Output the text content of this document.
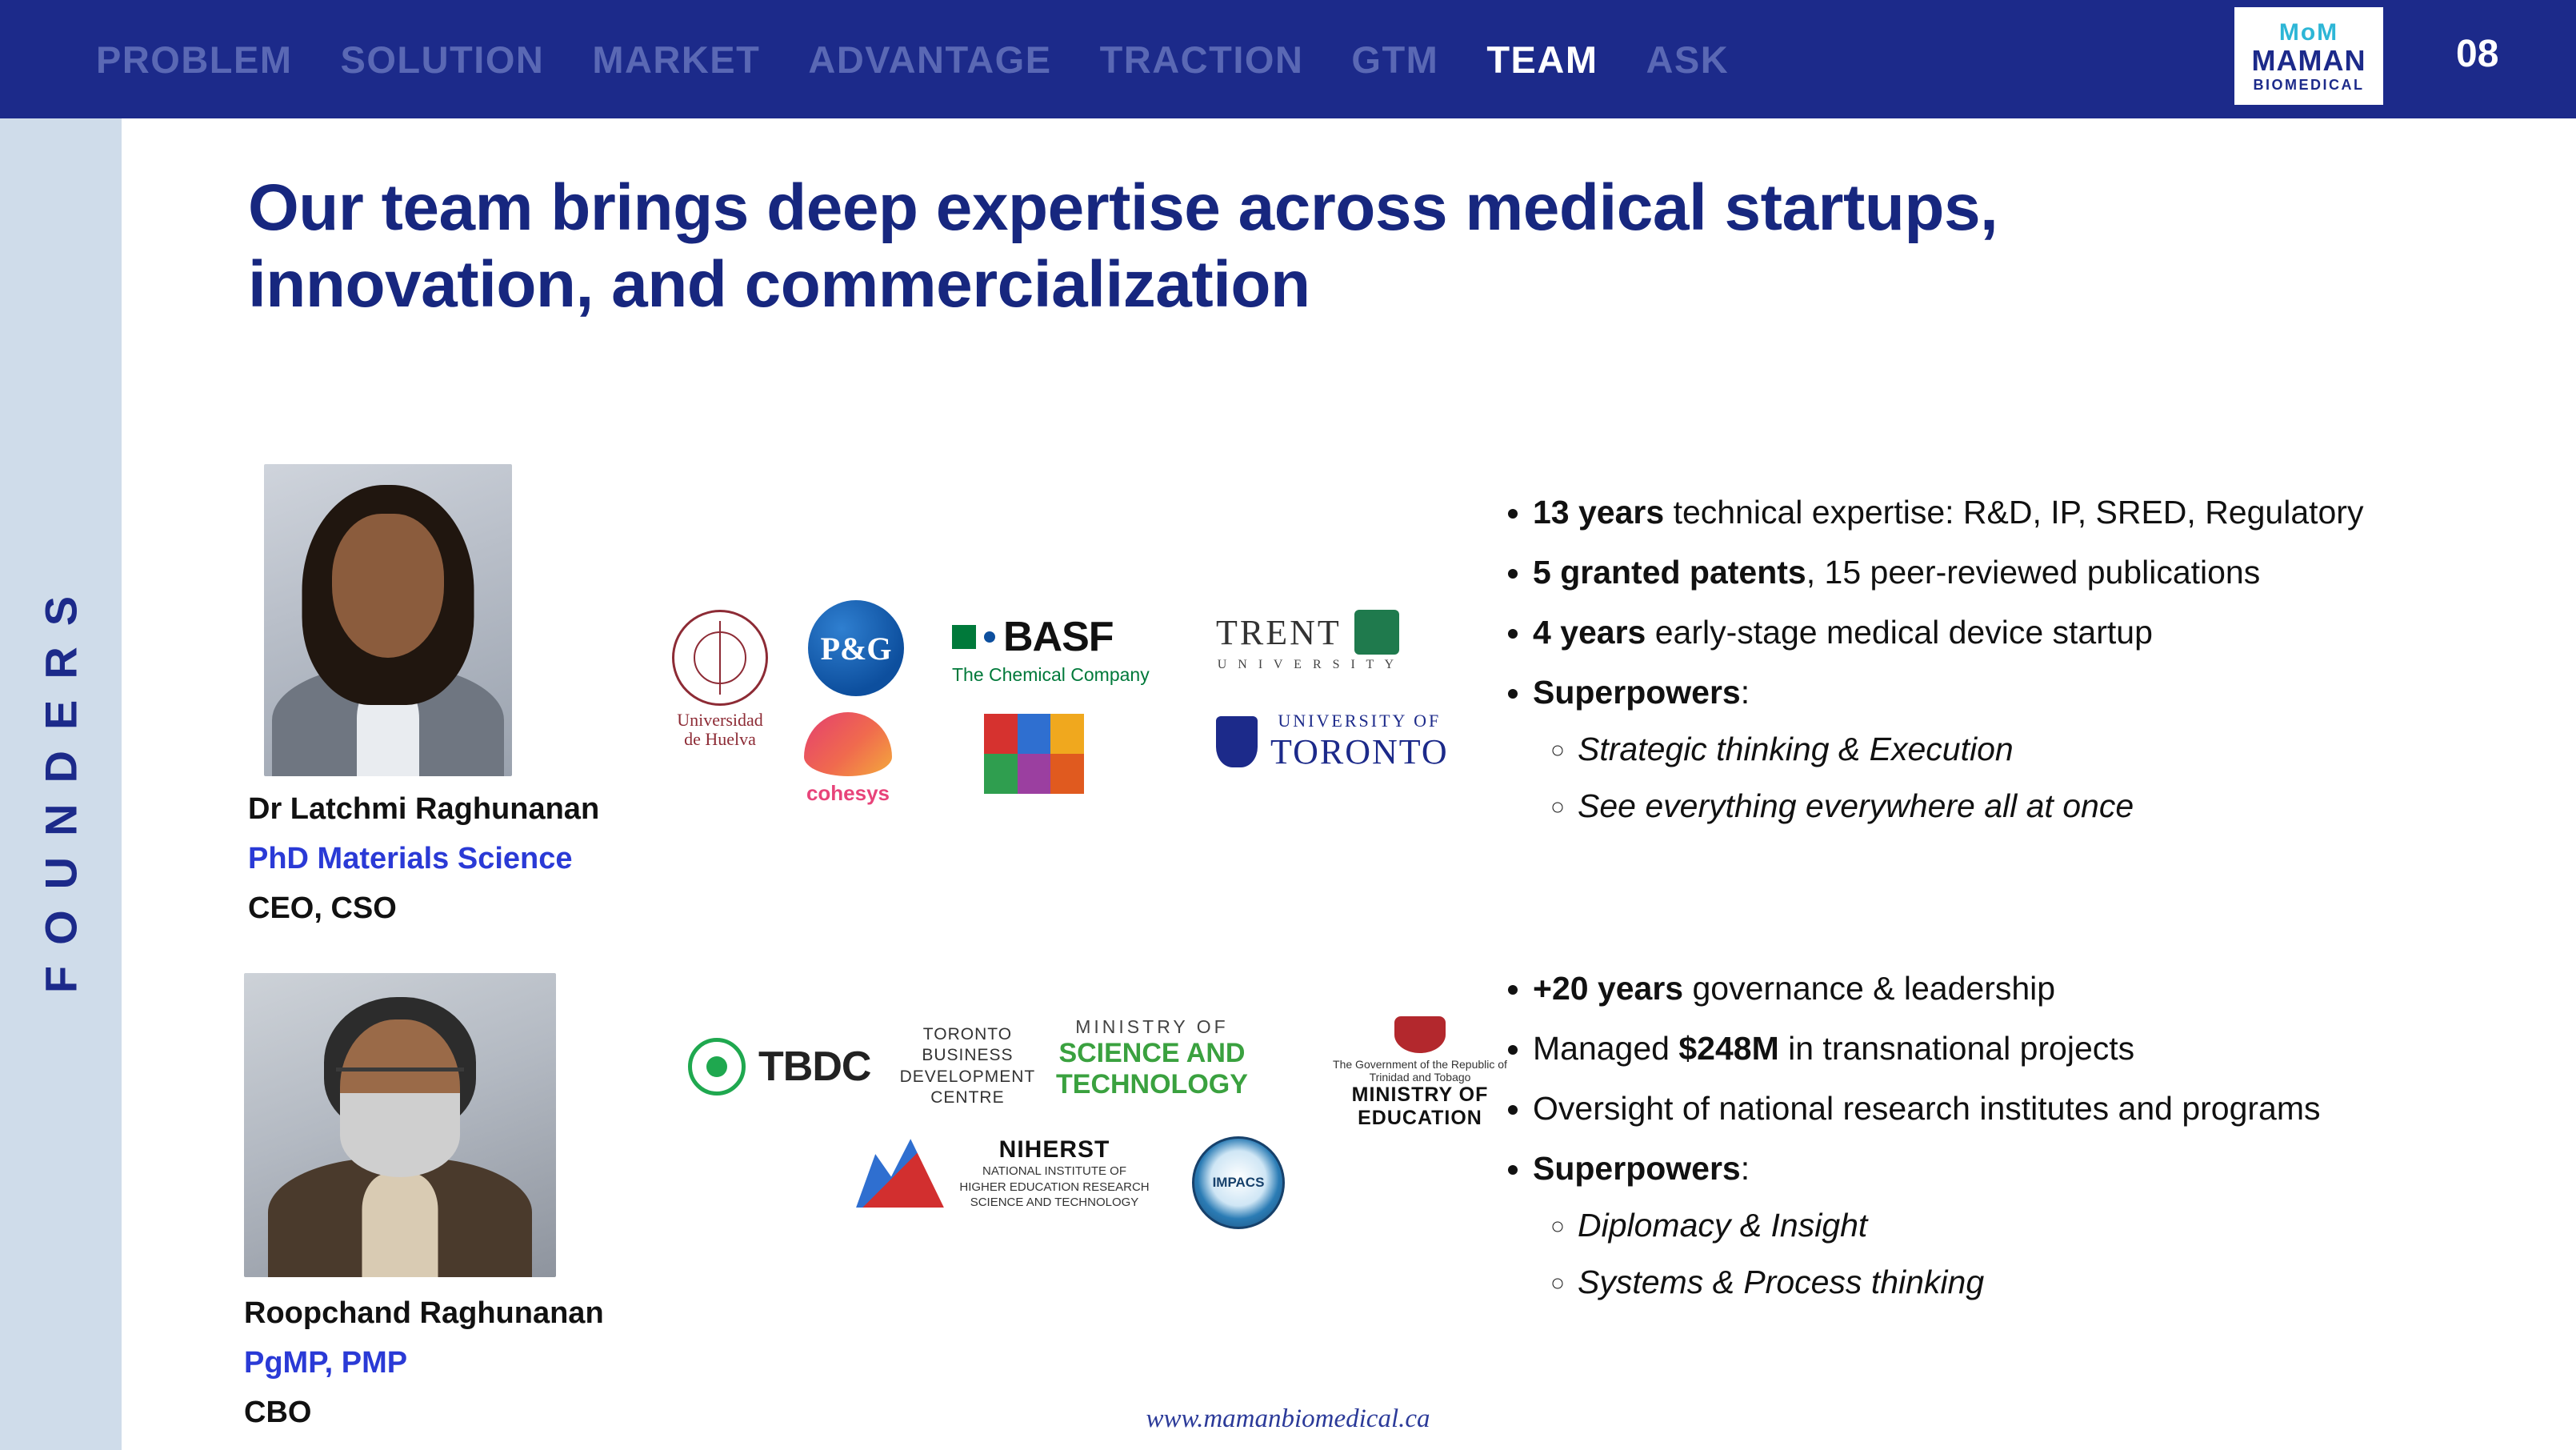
PROBLEM SOLUTION MARKET ADVANTAGE TRACTION GTM TEAM ASK
MoM
MAMAN
BIOMEDICAL
08
FOUNDERS
Our team brings deep expertise across medical startups, innovation, and commercialization
Dr Latchmi Raghunanan
PhD Materials Science
CEO, CSO
Universidad
de Huelva
P&G
cohesys
BASF
The Chemical Company
TRENT
U N I V E R S I T Y
UNIVERSITY OF
TORONTO
Roopchand Raghunanan
PgMP, PMP
CBO
TBDC
TORONTO BUSINESS DEVELOPMENT CENTRE
MINISTRY OF
SCIENCE AND
TECHNOLOGY
The Government of the Republic of Trinidad and Tobago
MINISTRY OF EDUCATION
NIHERST
NATIONAL INSTITUTE OF HIGHER EDUCATION RESEARCH SCIENCE AND TECHNOLOGY
IMPACS
• 13 years technical expertise: R&D, IP, SRED, Regulatory
• 5 granted patents, 15 peer-reviewed publications
• 4 years early-stage medical device startup
• Superpowers:
◦ Strategic thinking & Execution
◦ See everything everywhere all at once
• +20 years governance & leadership
• Managed $248M in transnational projects
• Oversight of national research institutes and programs
• Superpowers:
◦ Diplomacy & Insight
◦ Systems & Process thinking
www.mamanbiomedical.ca
